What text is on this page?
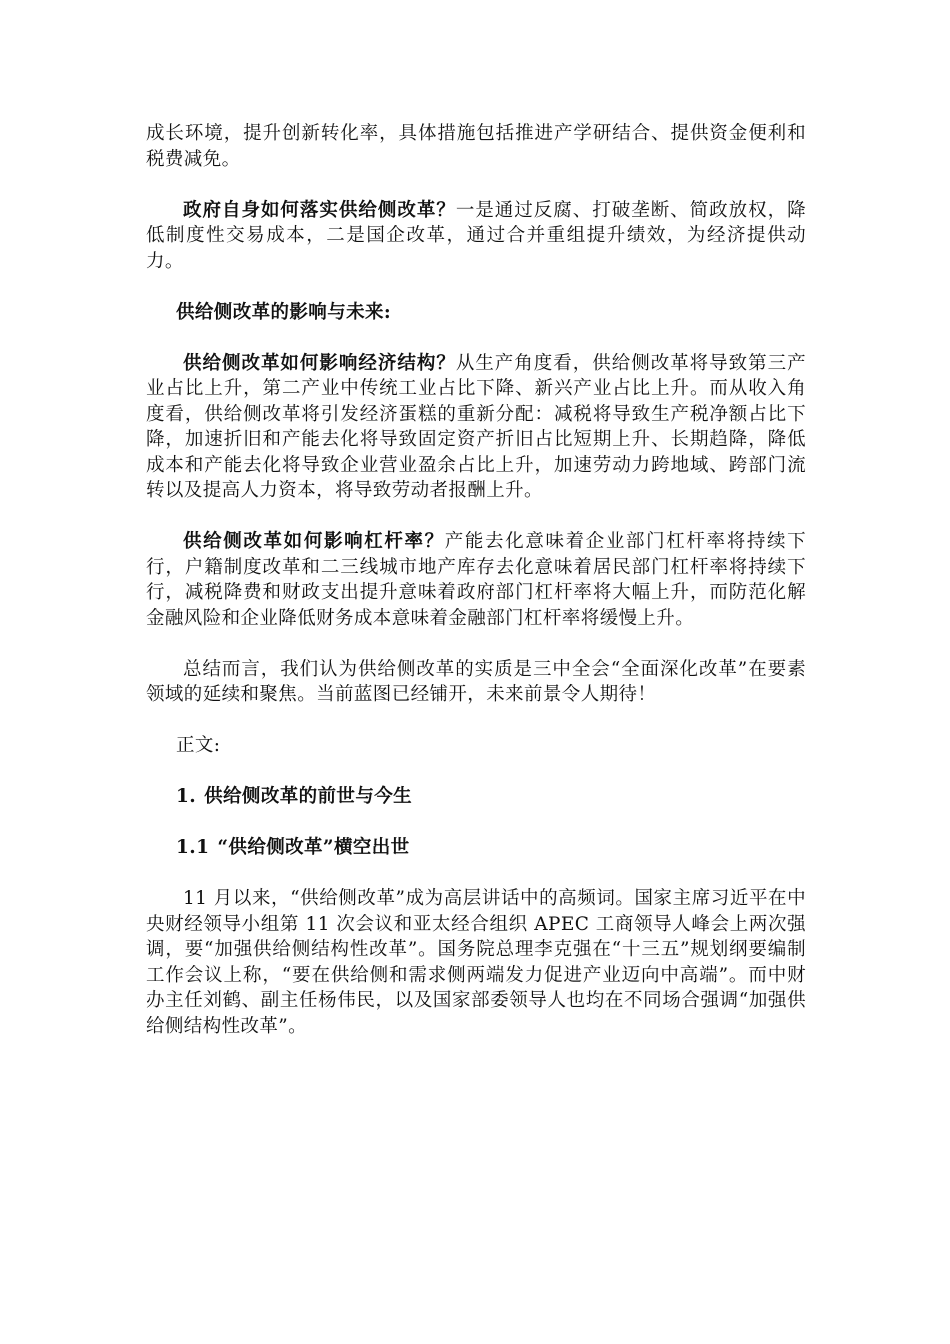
成长环境，提升创新转化率，具体措施包括推进产学研结合、提供资金便利和税费减免。

政府自身如何落实供给侧改革？一是通过反腐、打破垄断、简政放权，降低制度性交易成本，二是国企改革，通过合并重组提升绩效，为经济提供动力。

供给侧改革的影响与未来:

供给侧改革如何影响经济结构？从生产角度看，供给侧改革将导致第三产业占比上升，第二产业中传统工业占比下降、新兴产业占比上升。而从收入角度看，供给侧改革将引发经济蛋糕的重新分配：减税将导致生产税净额占比下降，加速折旧和产能去化将导致固定资产折旧占比短期上升、长期趋降，降低成本和产能去化将导致企业营业盈余占比上升，加速劳动力跨地域、跨部门流转以及提高人力资本，将导致劳动者报酬上升。

供给侧改革如何影响杠杆率？产能去化意味着企业部门杠杆率将持续下行，户籍制度改革和二三线城市地产库存去化意味着居民部门杠杆率将持续下行，减税降费和财政支出提升意味着政府部门杠杆率将大幅上升，而防范化解金融风险和企业降低财务成本意味着金融部门杠杆率将缓慢上升。

总结而言，我们认为供给侧改革的实质是三中全会“全面深化改革”在要素领域的延续和聚焦。当前蓝图已经铺开，未来前景令人期待！

正文:

1. 供给侧改革的前世与今生

1.1 “供给侧改革”横空出世

11 月以来，“供给侧改革”成为高层讲话中的高频词。国家主席习近平在中央财经领导小组第 11 次会议和亚太经合组织 APEC 工商领导人峰会上两次强调，要“加强供给侧结构性改革”。国务院总理李克强在“十三五”规划纲要编制工作会议上称，“要在供给侧和需求侧两端发力促进产业迈向中高端”。而中财办主任刘鹤、副主任杨伟民，以及国家部委领导人也均在不同场合强调“加强供给侧结构性改革”。
